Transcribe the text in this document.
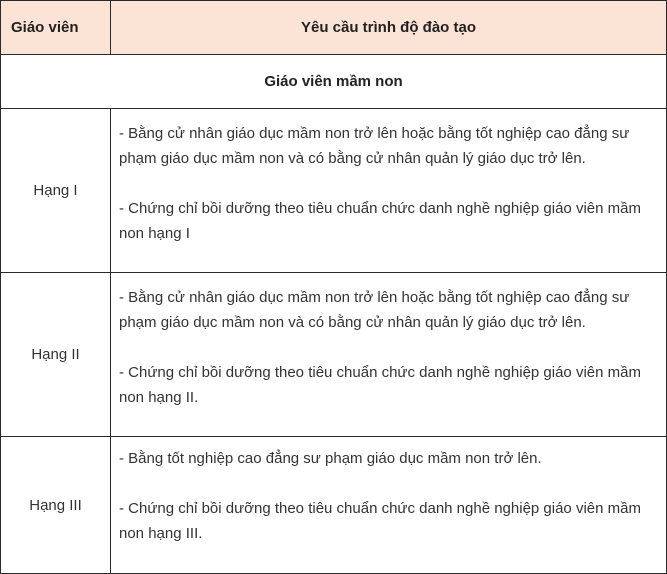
Giáo viên	Yêu cầu trình độ đào tạo
Giáo viên mầm non	
Hạng I	- Bằng cử nhân giáo dục mầm non trở lên hoặc bằng tốt nghiệp cao đẳng sư phạm giáo dục mầm non và có bằng cử nhân quản lý giáo dục trở lên.

- Chứng chỉ bồi dưỡng theo tiêu chuẩn chức danh nghề nghiệp giáo viên mầm non hạng I

Hạng II	- Bằng cử nhân giáo dục mầm non trở lên hoặc bằng tốt nghiệp cao đẳng sư phạm giáo dục mầm non và có bằng cử nhân quản lý giáo dục trở lên.

- Chứng chỉ bồi dưỡng theo tiêu chuẩn chức danh nghề nghiệp giáo viên mầm non hạng II.

Hạng III	- Bằng tốt nghiệp cao đẳng sư phạm giáo dục mầm non trở lên.

- Chứng chỉ bồi dưỡng theo tiêu chuẩn chức danh nghề nghiệp giáo viên mầm non hạng III.
